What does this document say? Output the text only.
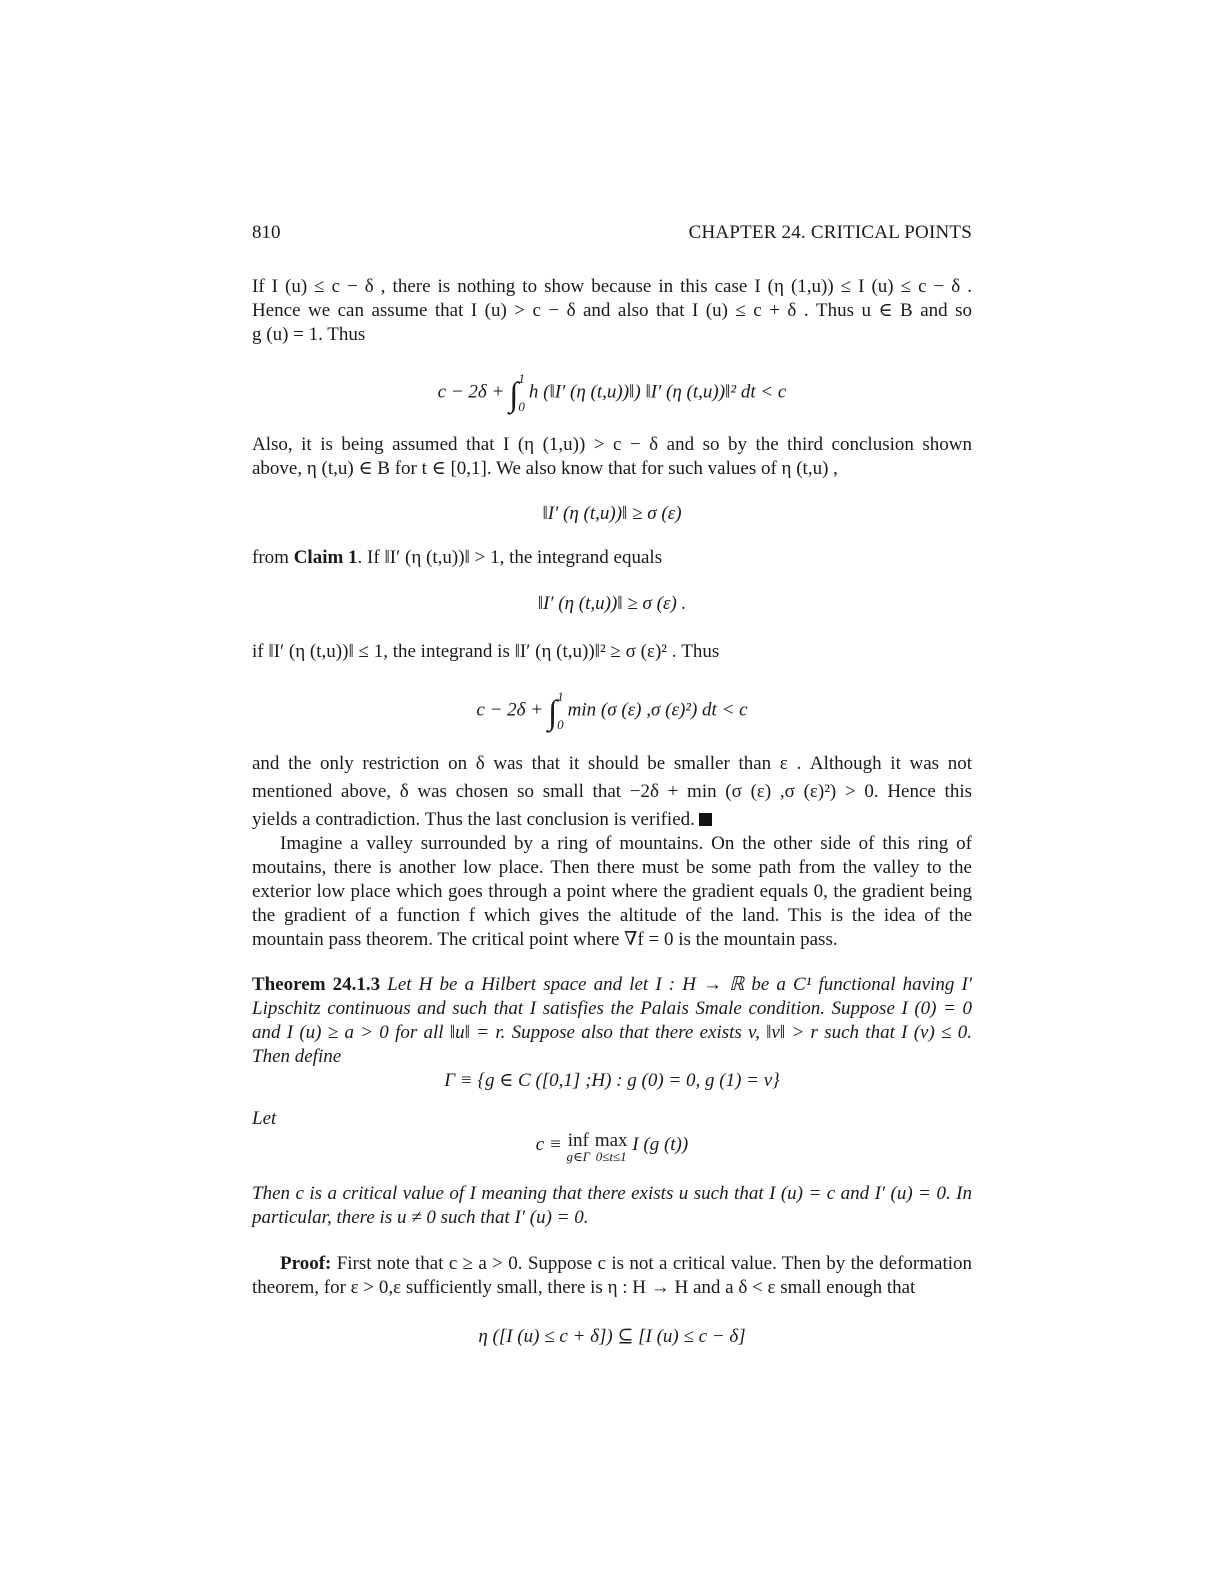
810	CHAPTER 24. CRITICAL POINTS

If I (u) ≤ c − δ , there is nothing to show because in this case I (η (1,u)) ≤ I (u) ≤ c − δ .

Hence we can assume that I (u) > c − δ and also that I (u) ≤ c + δ . Thus u ∈ B and so

g (u) = 1. Thus

c − 2δ + ∫1

0h (‖I′ (η (t,u))‖) ‖I′ (η (t,u))‖² dt < c

Also, it is being assumed that I (η (1,u)) > c − δ and so by the third conclusion shown

above, η (t,u) ∈ B for t ∈ [0,1]. We also know that for such values of η (t,u) ,

‖I′ (η (t,u))‖ ≥ σ (ε)

from Claim 1. If ‖I′ (η (t,u))‖ > 1, the integrand equals

‖I′ (η (t,u))‖ ≥ σ (ε) .

if ‖I′ (η (t,u))‖ ≤ 1, the integrand is ‖I′ (η (t,u))‖² ≥ σ (ε)² . Thus

c − 2δ + ∫1

0min (σ (ε) ,σ (ε)²) dt < c

and the only restriction on δ was that it should be smaller than ε . Although it was not

mentioned above, δ was chosen so small that −2δ + min (σ (ε) ,σ (ε)²) > 0. Hence this

yields a contradiction. Thus the last conclusion is verified.

Imagine a valley surrounded by a ring of mountains. On the other side of this ring of moutains, there is another low place. Then there must be some path from the valley to the exterior low place which goes through a point where the gradient equals 0, the gradient being the gradient of a function f which gives the altitude of the land. This is the idea of the mountain pass theorem. The critical point where ∇f = 0 is the mountain pass.

Theorem 24.1.3 Let H be a Hilbert space and let I : H → ℝ be a C¹ functional having I′ Lipschitz continuous and such that I satisfies the Palais Smale condition. Suppose I (0) = 0 and I (u) ≥ a > 0 for all ‖u‖ = r. Suppose also that there exists v, ‖v‖ > r such that I (v) ≤ 0. Then define

Γ ≡ {g ∈ C ([0,1] ;H) : g (0) = 0, g (1) = v}
Let
c ≡ inf
g∈Γ
max
0≤t≤1
I (g (t))

Then c is a critical value of I meaning that there exists u such that I (u) = c and I′ (u) = 0. In particular, there is u ≠ 0 such that I′ (u) = 0.

Proof: First note that c ≥ a > 0. Suppose c is not a critical value. Then by the deformation theorem, for ε > 0,ε sufficiently small, there is η : H → H and a δ < ε small enough that

η ([I (u) ≤ c + δ]) ⊆ [I (u) ≤ c − δ]
